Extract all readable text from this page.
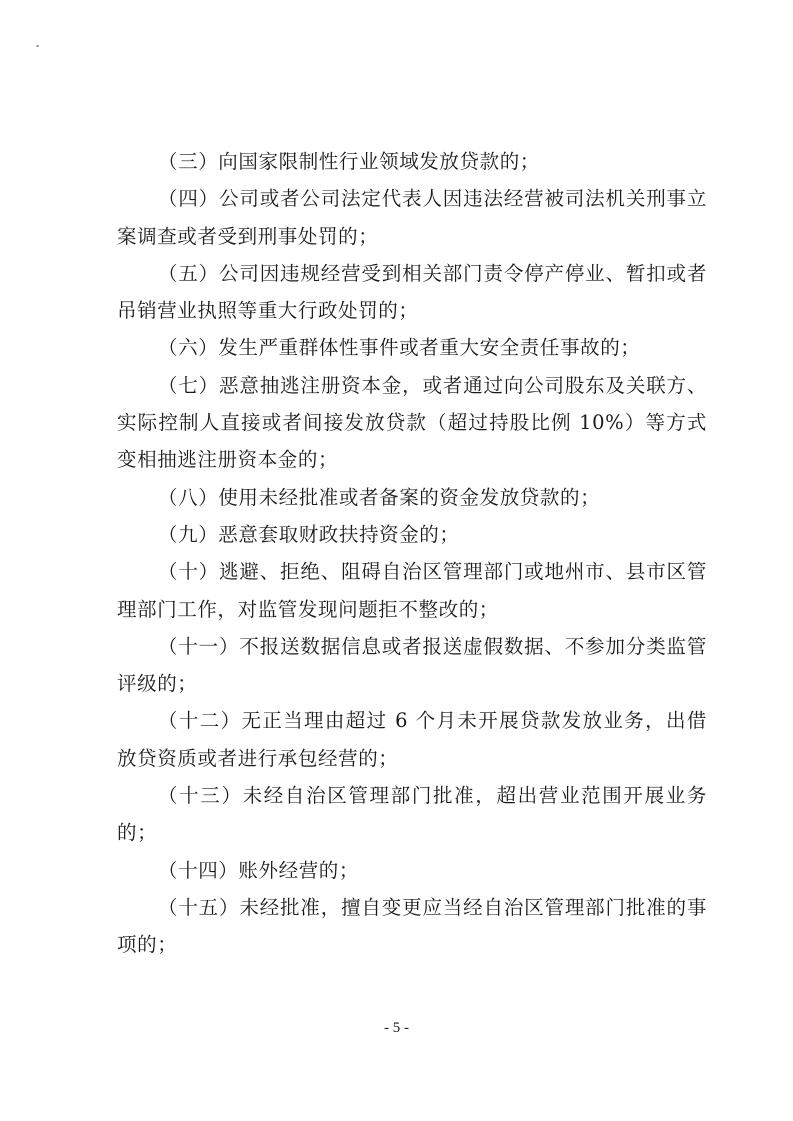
（三）向国家限制性行业领域发放贷款的；

（四）公司或者公司法定代表人因违法经营被司法机关刑事立案调查或者受到刑事处罚的；

（五）公司因违规经营受到相关部门责令停产停业、暂扣或者吊销营业执照等重大行政处罚的；

（六）发生严重群体性事件或者重大安全责任事故的；

（七）恶意抽逃注册资本金，或者通过向公司股东及关联方、实际控制人直接或者间接发放贷款（超过持股比例 10%）等方式变相抽逃注册资本金的；

（八）使用未经批准或者备案的资金发放贷款的；

（九）恶意套取财政扶持资金的；

（十）逃避、拒绝、阻碍自治区管理部门或地州市、县市区管理部门工作，对监管发现问题拒不整改的；

（十一）不报送数据信息或者报送虚假数据、不参加分类监管评级的；

（十二）无正当理由超过 6 个月未开展贷款发放业务，出借放贷资质或者进行承包经营的；

（十三）未经自治区管理部门批准，超出营业范围开展业务的；

（十四）账外经营的；

（十五）未经批准，擅自变更应当经自治区管理部门批准的事项的；

- 5 -
